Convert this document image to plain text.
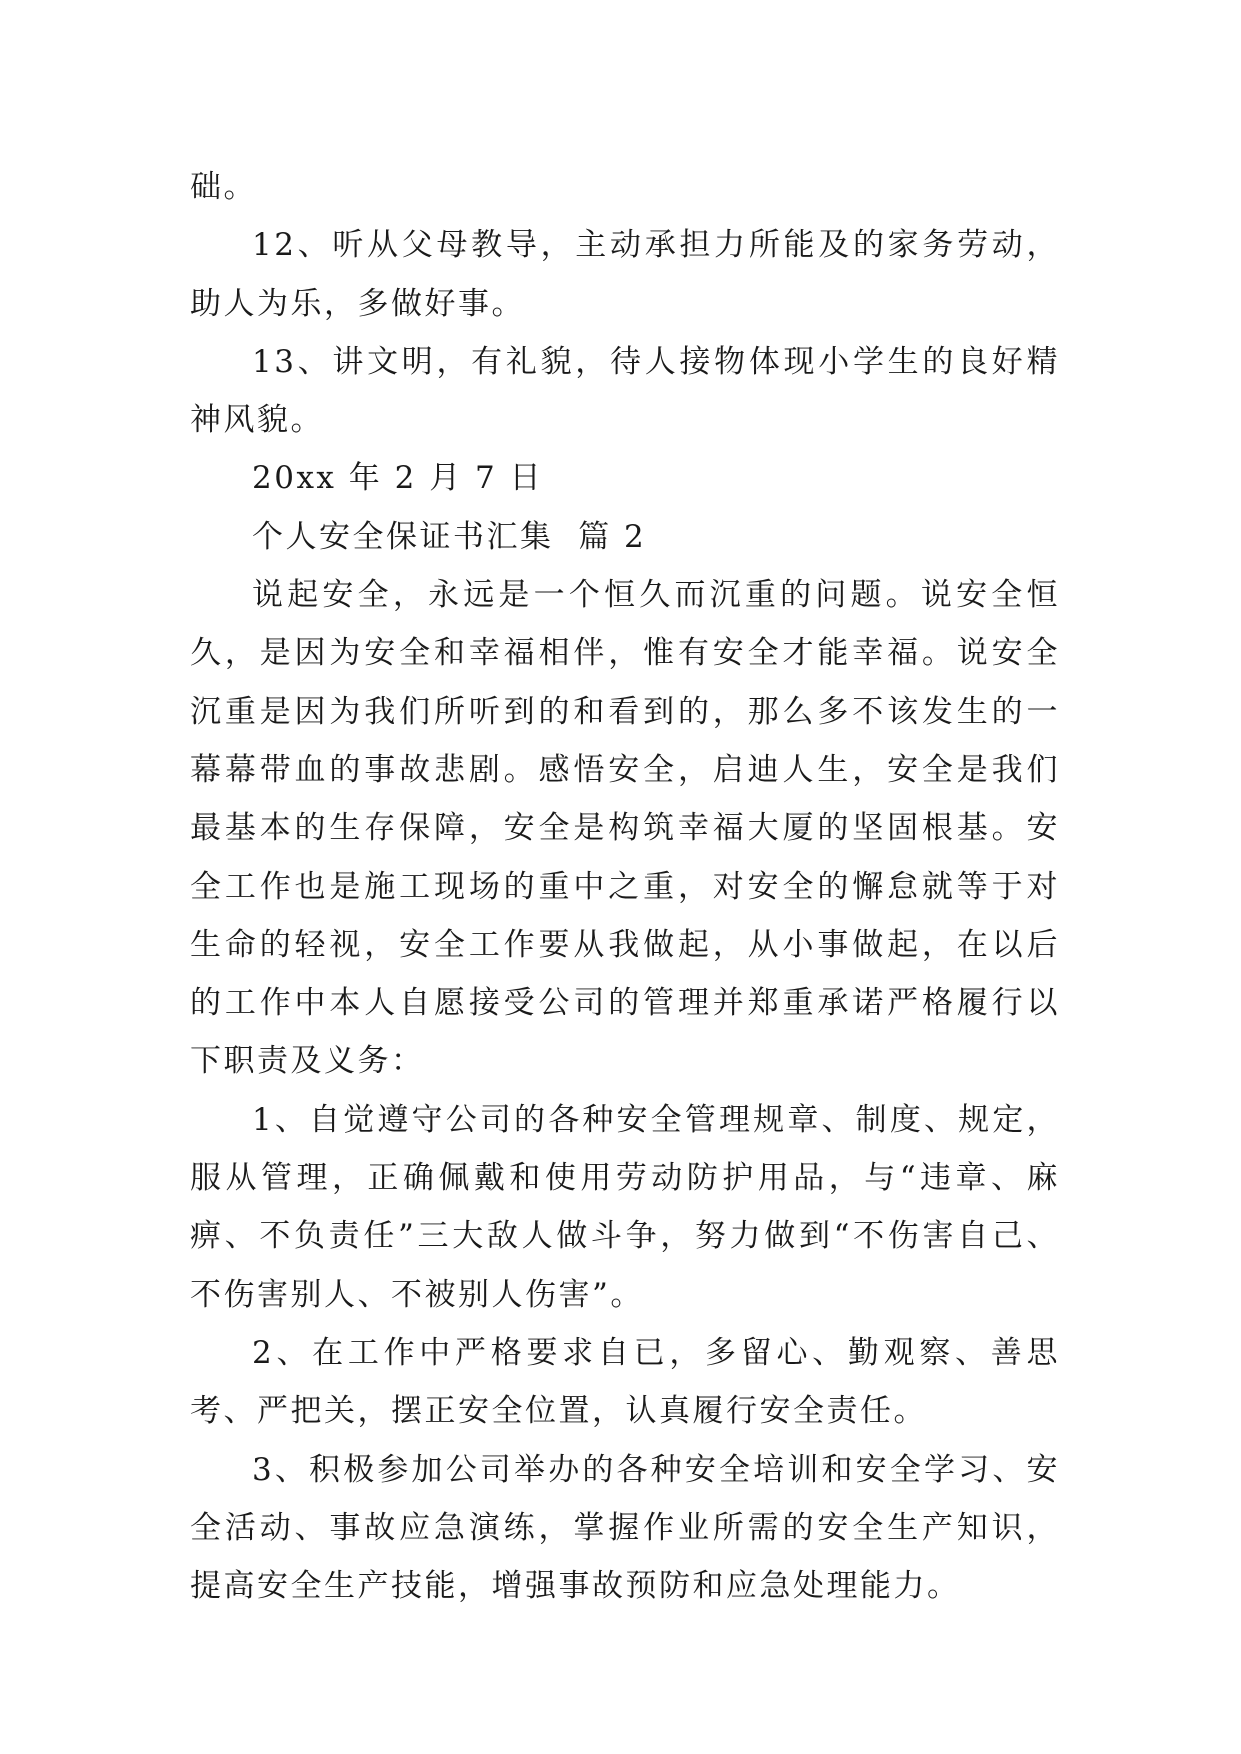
础。

12、听从父母教导，主动承担力所能及的家务劳动，助人为乐，多做好事。

13、讲文明，有礼貌，待人接物体现小学生的良好精神风貌。

20xx 年 2 月 7 日

个人安全保证书汇集  篇 2

说起安全，永远是一个恒久而沉重的问题。说安全恒久，是因为安全和幸福相伴，惟有安全才能幸福。说安全沉重是因为我们所听到的和看到的，那么多不该发生的一幕幕带血的事故悲剧。感悟安全，启迪人生，安全是我们最基本的生存保障，安全是构筑幸福大厦的坚固根基。安全工作也是施工现场的重中之重，对安全的懈怠就等于对生命的轻视，安全工作要从我做起，从小事做起，在以后的工作中本人自愿接受公司的管理并郑重承诺严格履行以下职责及义务：

1、自觉遵守公司的各种安全管理规章、制度、规定，服从管理，正确佩戴和使用劳动防护用品，与“违章、麻痹、不负责任”三大敌人做斗争，努力做到“不伤害自己、不伤害别人、不被别人伤害”。

2、在工作中严格要求自已，多留心、勤观察、善思考、严把关，摆正安全位置，认真履行安全责任。

3、积极参加公司举办的各种安全培训和安全学习、安全活动、事故应急演练，掌握作业所需的安全生产知识，提高安全生产技能，增强事故预防和应急处理能力。
